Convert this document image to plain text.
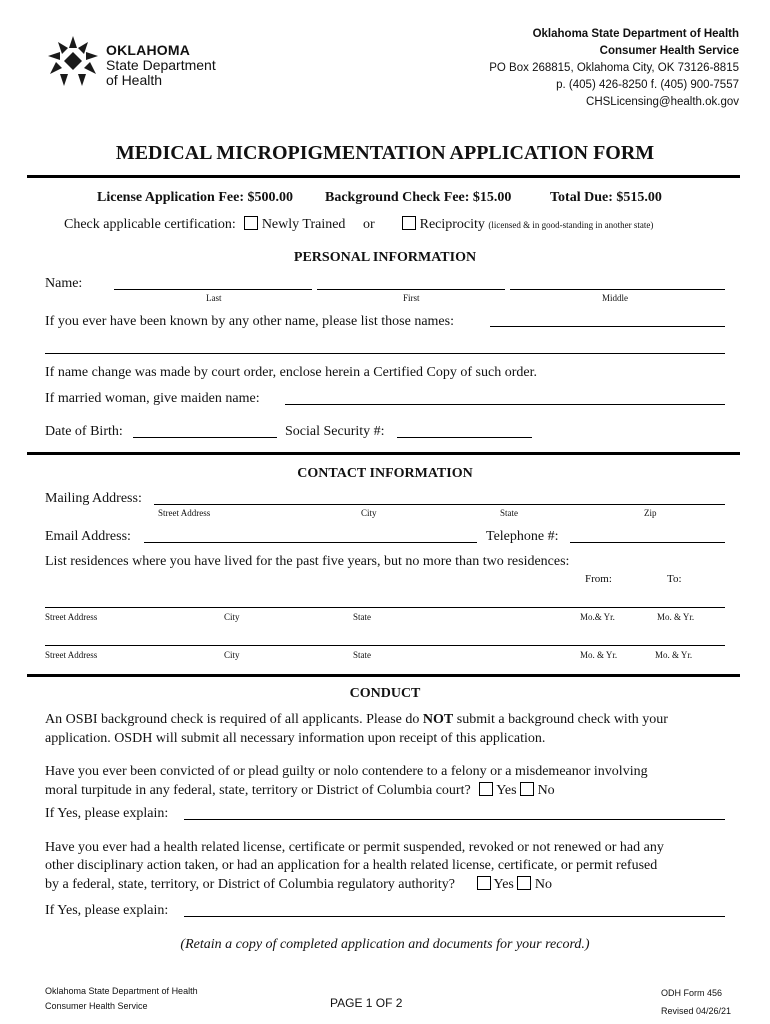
OKLAHOMA
State Department
of Health
Oklahoma State Department of Health
Consumer Health Service
PO Box 268815, Oklahoma City, OK 73126-8815
p. (405) 426-8250 f. (405) 900-7557
CHSLicensing@health.ok.gov
MEDICAL MICROPIGMENTATION APPLICATION FORM
License Application Fee: $500.00 Background Check Fee: $15.00	Total Due: $515.00
Check applicable certification: Newly Trained or	Reciprocity (licensed & in good-standing in another state)
PERSONAL INFORMATION
Name:
Last	First	Middle
If you ever have been known by any other name, please list those names:
If name change was made by court order, enclose herein a Certified Copy of such order.
If married woman, give maiden name:
Date of Birth:	Social Security #:
CONTACT INFORMATION
Mailing Address:
Street Address	City	State	Zip
Email Address:	Telephone #:
List residences where you have lived for the past five years, but no more than two residences:
From:	To:
Street Address	City	State	Mo.& Yr.	Mo. & Yr.
Street Address	City	State	Mo. & Yr.	Mo. & Yr.
CONDUCT
An OSBI background check is required of all applicants. Please do NOT submit a background check with your
application. OSDH will submit all necessary information upon receipt of this application.
Have you ever been convicted of or plead guilty or nolo contendere to a felony or a misdemeanor involving
moral turpitude in any federal, state, territory or District of Columbia court? Yes No
If Yes, please explain:
Have you ever had a health related license, certificate or permit suspended, revoked or not renewed or had any
other disciplinary action taken, or had an application for a health related license, certificate, or permit refused
by a federal, state, territory, or District of Columbia regulatory authority?	Yes No
If Yes, please explain:
(Retain a copy of completed application and documents for your record.)
Oklahoma State Department of Health
Consumer Health Service	PAGE 1 OF 2
ODH Form 456
Revised 04/26/21
